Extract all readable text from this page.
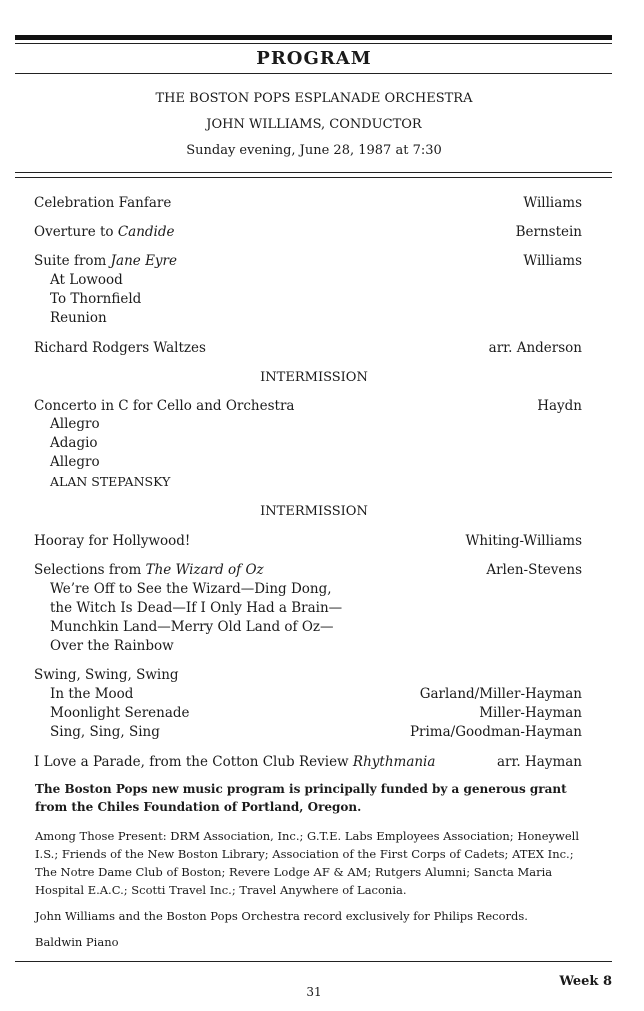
PROGRAM
THE BOSTON POPS ESPLANADE ORCHESTRA
JOHN WILLIAMS, CONDUCTOR
Sunday evening, June 28, 1987 at 7:30
Celebration Fanfare	Williams
Overture to Candide	Bernstein
Suite from Jane Eyre	Williams
At Lowood
To Thornfield
Reunion
Richard Rodgers Waltzes	arr. Anderson
INTERMISSION
Concerto in C for Cello and Orchestra	Haydn
Allegro
Adagio
Allegro
ALAN STEPANSKY
INTERMISSION
Hooray for Hollywood!	Whiting-Williams
Selections from The Wizard of Oz	Arlen-Stevens
We’re Off to See the Wizard—Ding Dong,
the Witch Is Dead—If I Only Had a Brain—
Munchkin Land—Merry Old Land of Oz—
Over the Rainbow
Swing, Swing, Swing
In the Mood	Garland/Miller-Hayman
Moonlight Serenade	Miller-Hayman
Sing, Sing, Sing	Prima/Goodman-Hayman
I Love a Parade, from the Cotton Club Review Rhythmania	arr. Hayman
The Boston Pops new music program is principally funded by a generous grant from the Chiles Foundation of Portland, Oregon.
Among Those Present: DRM Association, Inc.; G.T.E. Labs Employees Association; Honeywell I.S.; Friends of the New Boston Library; Association of the First Corps of Cadets; ATEX Inc.; The Notre Dame Club of Boston; Revere Lodge AF & AM; Rutgers Alumni; Sancta Maria Hospital E.A.C.; Scotti Travel Inc.; Travel Anywhere of Laconia.
John Williams and the Boston Pops Orchestra record exclusively for Philips Records.
Baldwin Piano
Week 8
31
